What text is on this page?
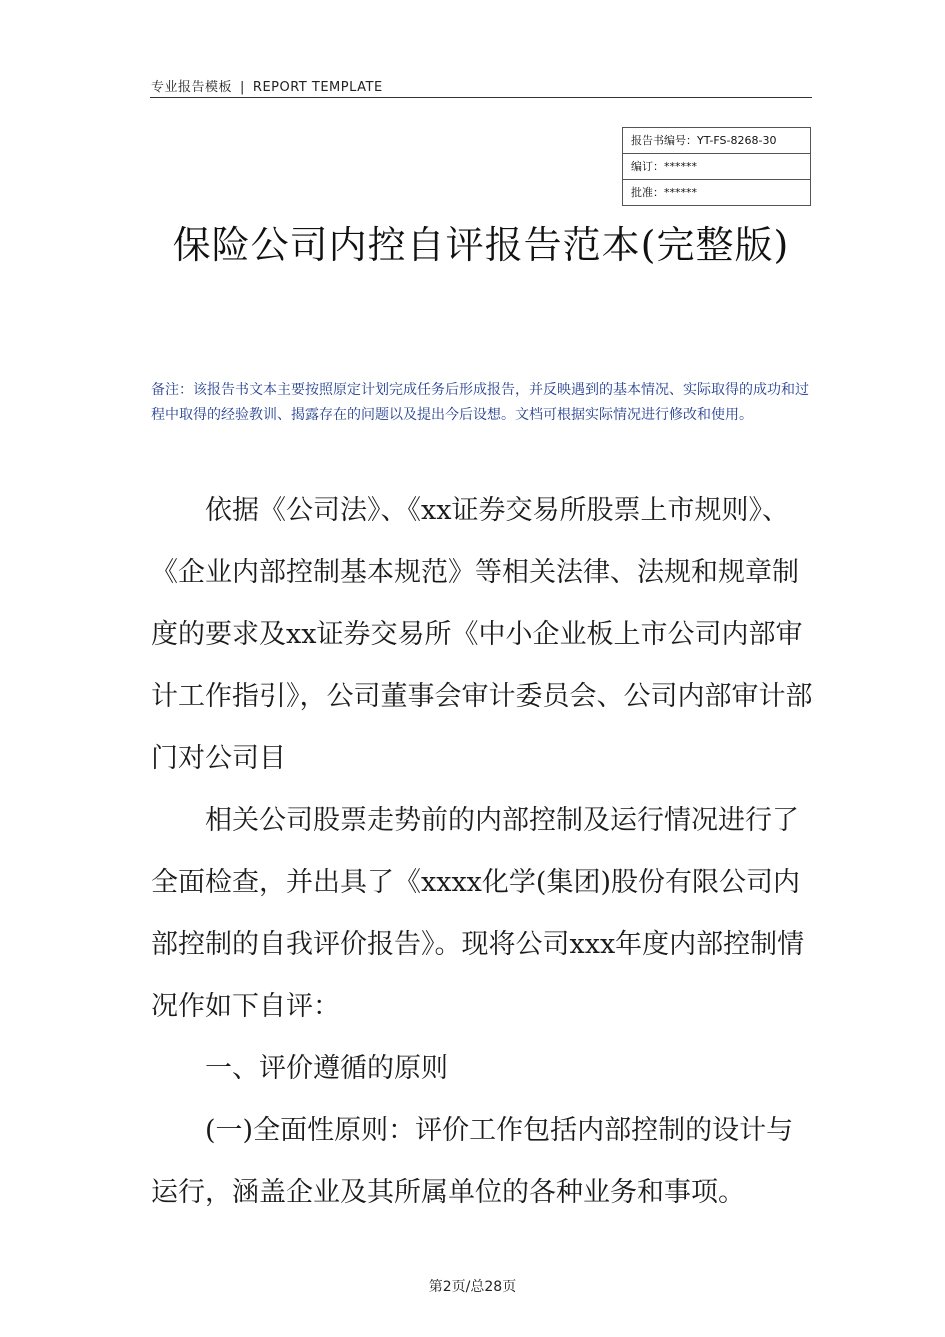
专业报告模板 | REPORT TEMPLATE
报告书编号：YT-FS-8268-30
编订：******
批准：******
保险公司内控自评报告范本(完整版)
备注：该报告书文本主要按照原定计划完成任务后形成报告，并反映遇到的基本情况、实际取得的成功和过程中取得的经验教训、揭露存在的问题以及提出今后设想。文档可根据实际情况进行修改和使用。

依据《公司法》、《xx证券交易所股票上市规则》、《企业内部控制基本规范》等相关法律、法规和规章制度的要求及xx证券交易所《中小企业板上市公司内部审计工作指引》，公司董事会审计委员会、公司内部审计部门对公司目

相关公司股票走势前的内部控制及运行情况进行了全面检查，并出具了《xxxx化学(集团)股份有限公司内部控制的自我评价报告》。现将公司xxx年度内部控制情况作如下自评：

一、评价遵循的原则

(一)全面性原则：评价工作包括内部控制的设计与运行，涵盖企业及其所属单位的各种业务和事项。

第2页/总28页
